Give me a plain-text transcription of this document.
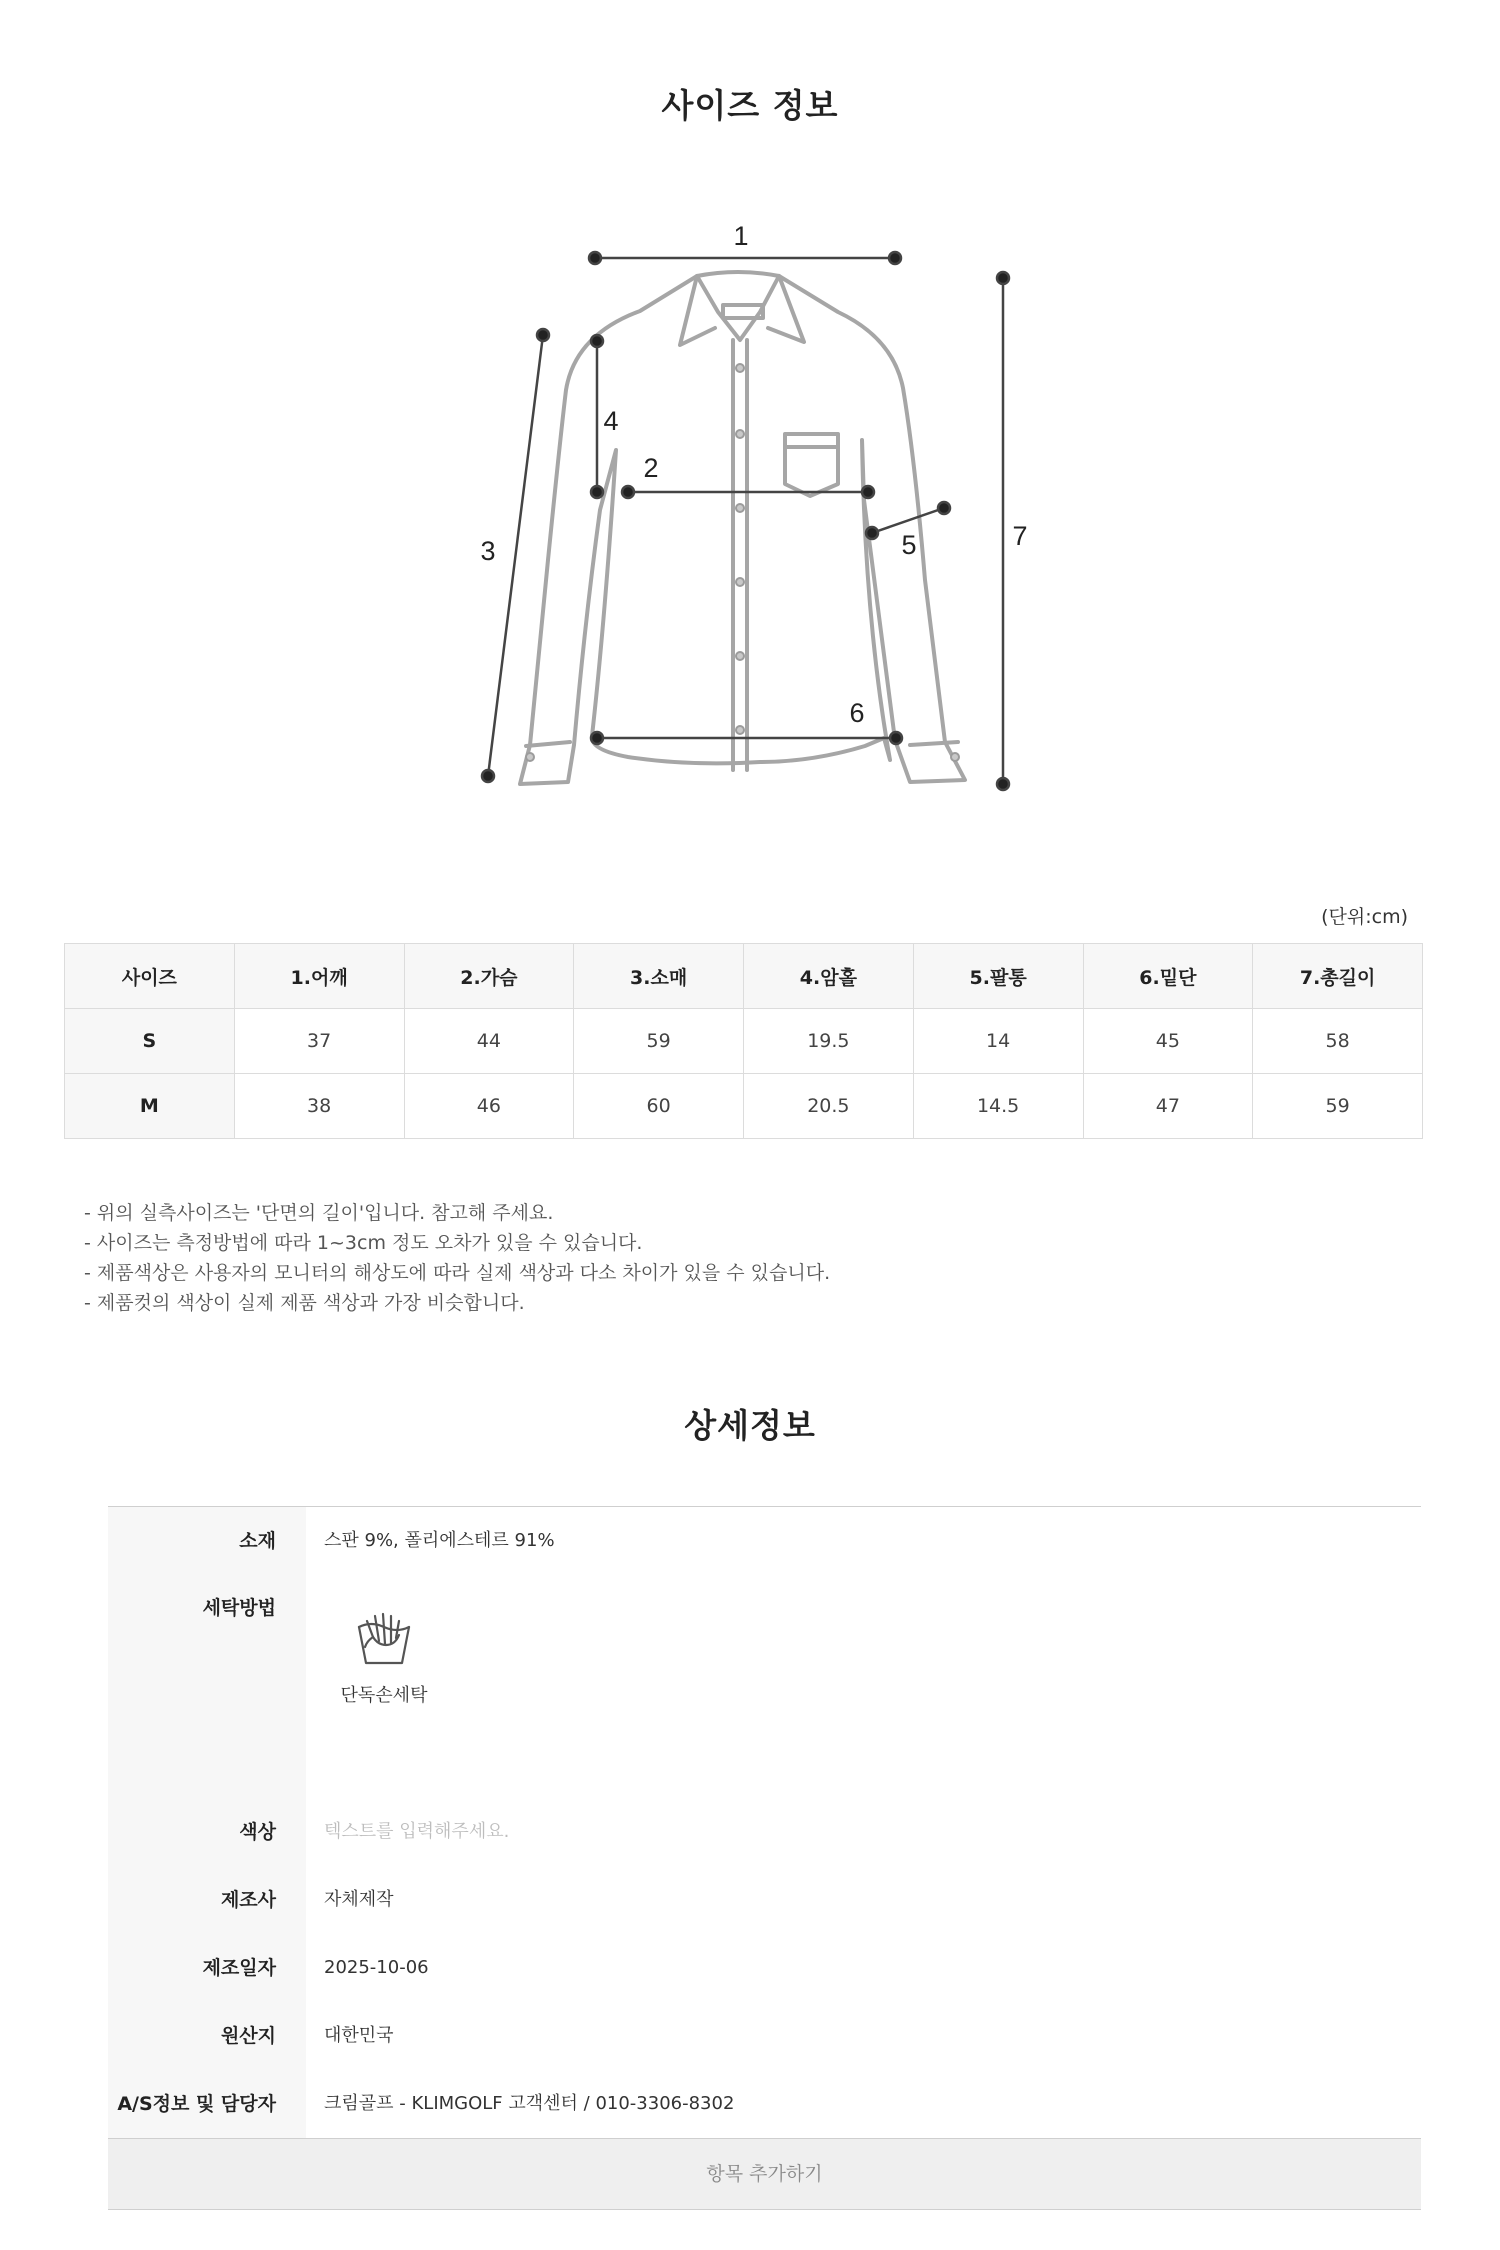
사이즈 정보
1
2
3
4
5
6
7
(단위:cm)
사이즈	1.어깨	2.가슴	3.소매	4.암홀	5.팔통	6.밑단	7.총길이
S	37	44	59	19.5	14	45	58
M	38	46	60	20.5	14.5	47	59
- 위의 실측사이즈는 '단면의 길이'입니다. 참고해 주세요.
- 사이즈는 측정방법에 따라 1~3cm 정도 오차가 있을 수 있습니다.
- 제품색상은 사용자의 모니터의 해상도에 따라 실제 색상과 다소 차이가 있을 수 있습니다.
- 제품컷의 색상이 실제 제품 색상과 가장 비슷합니다.
상세정보
소재	스판 9%, 폴리에스테르 91%
세탁방법
단독손세탁
색상	텍스트를 입력해주세요.
제조사	자체제작
제조일자	2025-10-06
원산지	대한민국
A/S정보 및 담당자	크림골프 - KLIMGOLF 고객센터 / 010-3306-8302
항목 추가하기
